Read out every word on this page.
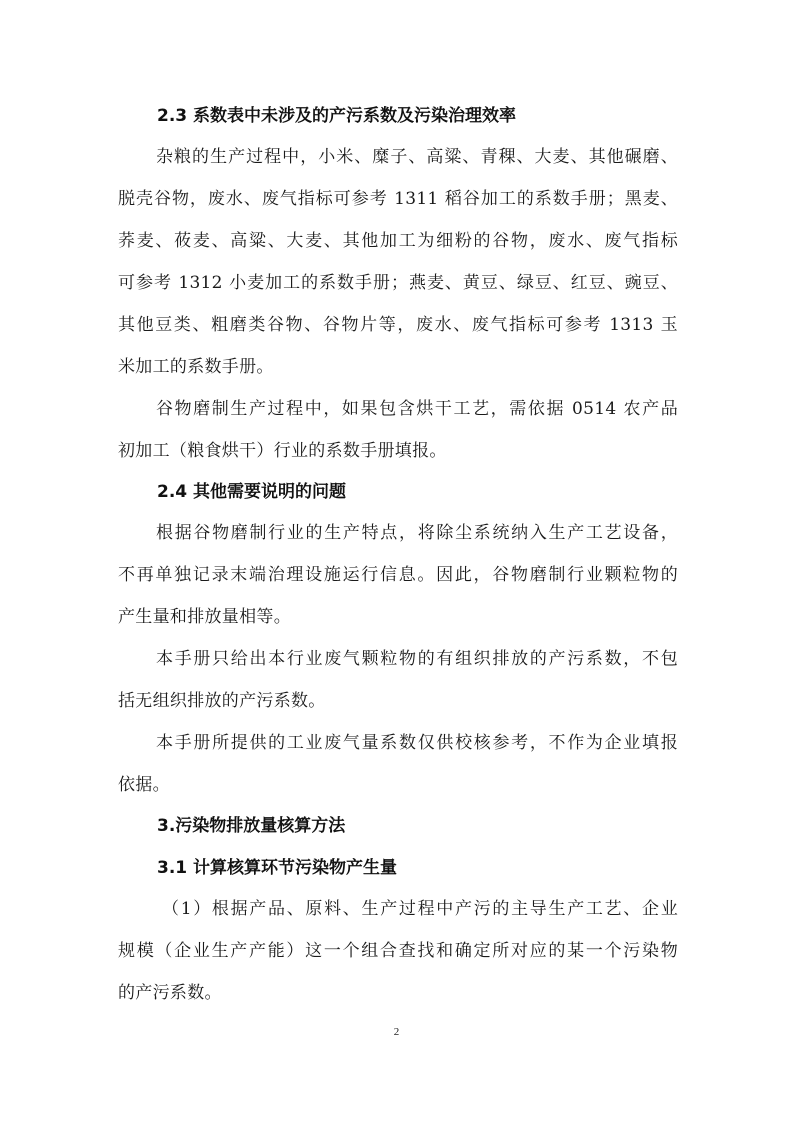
2.3 系数表中未涉及的产污系数及污染治理效率
杂粮的生产过程中，小米、糜子、高粱、青稞、大麦、其他碾磨、
脱壳谷物，废水、废气指标可参考 1311 稻谷加工的系数手册；黑麦、
荞麦、莜麦、高粱、大麦、其他加工为细粉的谷物，废水、废气指标
可参考 1312 小麦加工的系数手册；燕麦、黄豆、绿豆、红豆、豌豆、
其他豆类、粗磨类谷物、谷物片等，废水、废气指标可参考 1313 玉
米加工的系数手册。
谷物磨制生产过程中，如果包含烘干工艺，需依据 0514 农产品
初加工（粮食烘干）行业的系数手册填报。
2.4 其他需要说明的问题
根据谷物磨制行业的生产特点，将除尘系统纳入生产工艺设备，
不再单独记录末端治理设施运行信息。因此，谷物磨制行业颗粒物的
产生量和排放量相等。
本手册只给出本行业废气颗粒物的有组织排放的产污系数，不包
括无组织排放的产污系数。
本手册所提供的工业废气量系数仅供校核参考，不作为企业填报
依据。
3.污染物排放量核算方法
3.1 计算核算环节污染物产生量
（1）根据产品、原料、生产过程中产污的主导生产工艺、企业
规模（企业生产产能）这一个组合查找和确定所对应的某一个污染物
的产污系数。
2
